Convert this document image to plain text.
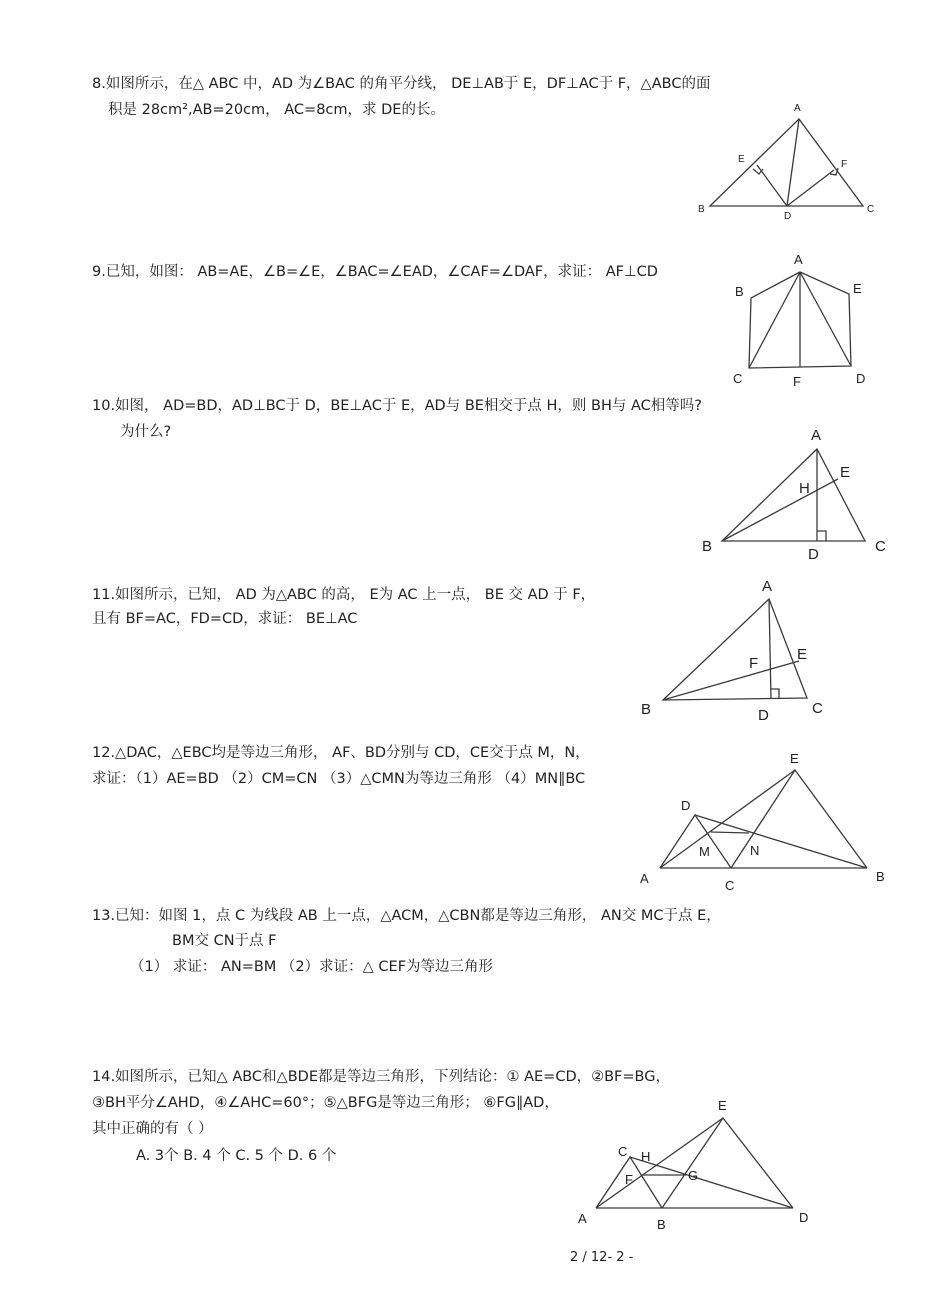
8.如图所示，在△ ABC 中，AD 为∠BAC 的角平分线， DE⊥AB于 E，DF⊥AC于 F，△ABC的面
积是 28cm²,AB=20cm， AC=8cm，求 DE的长。	A
B	C
D
E	F
9.已知，如图： AB=AE，∠B=∠E，∠BAC=∠EAD，∠CAF=∠DAF，求证： AF⊥CD
A
B
C	D
E
F
10.如图， AD=BD，AD⊥BC于 D，BE⊥AC于 E，AD与 BE相交于点 H，则 BH与 AC相等吗?
为什么?	A
B	C
D
E
H
11.如图所示，已知， AD 为△ABC 的高， E为 AC 上一点， BE 交 AD 于 F，
且有 BF=AC，FD=CD，求证： BE⊥AC
A
B	C
D
E
F
12.△DAC，△EBC均是等边三角形， AF、BD分别与 CD，CE交于点 M，N，
求证：（1）AE=BD （2）CM=CN （3）△CMN为等边三角形 （4）MN∥BC
E
D
M	N
A	C
B
13.已知：如图 1，点 C 为线段 AB 上一点，△ACM，△CBN都是等边三角形， AN交 MC于点 E，
BM交 CN于点 F
（1） 求证： AN=BM （2）求证：△ CEF为等边三角形
14.如图所示，已知△ ABC和△BDE都是等边三角形，下列结论：① AE=CD，②BF=BG，
③BH平分∠AHD，④∠AHC=60°；⑤△BFG是等边三角形； ⑥FG∥AD，
其中正确的有（ ）
A. 3个 B. 4 个 C. 5 个 D. 6 个
E
C H
F	G
A	B	D
2 / 12- 2 -
